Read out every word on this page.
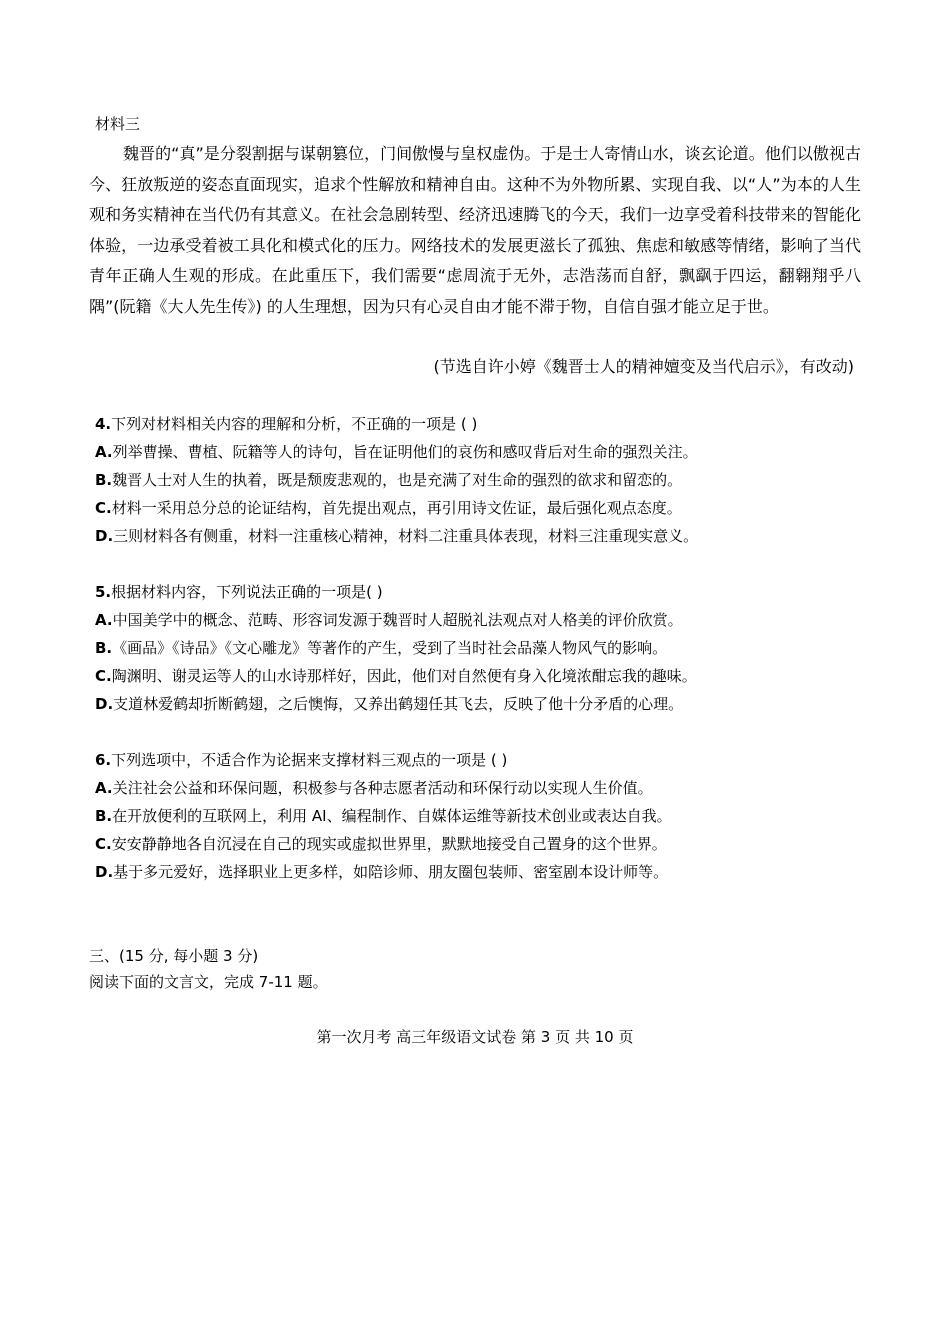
材料三
魏晋的“真”是分裂割据与谋朝篡位，门间傲慢与皇权虚伪。于是士人寄情山水，谈玄论道。他们以傲视古今、狂放叛逆的姿态直面现实，追求个性解放和精神自由。这种不为外物所累、实现自我、以“人”为本的人生观和务实精神在当代仍有其意义。在社会急剧转型、经济迅速腾飞的今天，我们一边享受着科技带来的智能化体验，一边承受着被工具化和模式化的压力。网络技术的发展更滋长了孤独、焦虑和敏感等情绪，影响了当代青年正确人生观的形成。在此重压下，我们需要“虑周流于无外，志浩荡而自舒，飘飖于四运，翻翱翔乎八隅”(阮籍《大人先生传》) 的人生理想，因为只有心灵自由才能不滞于物，自信自强才能立足于世。
(节选自许小婷《魏晋士人的精神嬗变及当代启示》，有改动)
4.下列对材料相关内容的理解和分析，不正确的一项是 ( )
A.列举曹操、曹植、阮籍等人的诗句，旨在证明他们的哀伤和感叹背后对生命的强烈关注。
B.魏晋人士对人生的执着，既是颓废悲观的，也是充满了对生命的强烈的欲求和留恋的。
C.材料一采用总分总的论证结构，首先提出观点，再引用诗文佐证，最后强化观点态度。
D.三则材料各有侧重，材料一注重核心精神，材料二注重具体表现，材料三注重现实意义。
5.根据材料内容，下列说法正确的一项是( )
A.中国美学中的概念、范畴、形容词发源于魏晋时人超脱礼法观点对人格美的评价欣赏。
B.《画品》《诗品》《文心雕龙》等著作的产生，受到了当时社会品藻人物风气的影响。
C.陶渊明、谢灵运等人的山水诗那样好，因此，他们对自然便有身入化境浓酣忘我的趣味。
D.支道林爱鹤却折断鹤翅，之后懊悔，又养出鹤翅任其飞去，反映了他十分矛盾的心理。
6.下列选项中，不适合作为论据来支撑材料三观点的一项是 ( )
A.关注社会公益和环保问题，积极参与各种志愿者活动和环保行动以实现人生价值。
B.在开放便利的互联网上，利用 AI、编程制作、自媒体运维等新技术创业或表达自我。
C.安安静静地各自沉浸在自己的现实或虚拟世界里，默默地接受自己置身的这个世界。
D.基于多元爱好，选择职业上更多样，如陪诊师、朋友圈包装师、密室剧本设计师等。
三、(15 分, 每小题 3 分)
阅读下面的文言文，完成 7-11 题。
第一次月考 高三年级语文试卷 第 3 页 共 10 页
